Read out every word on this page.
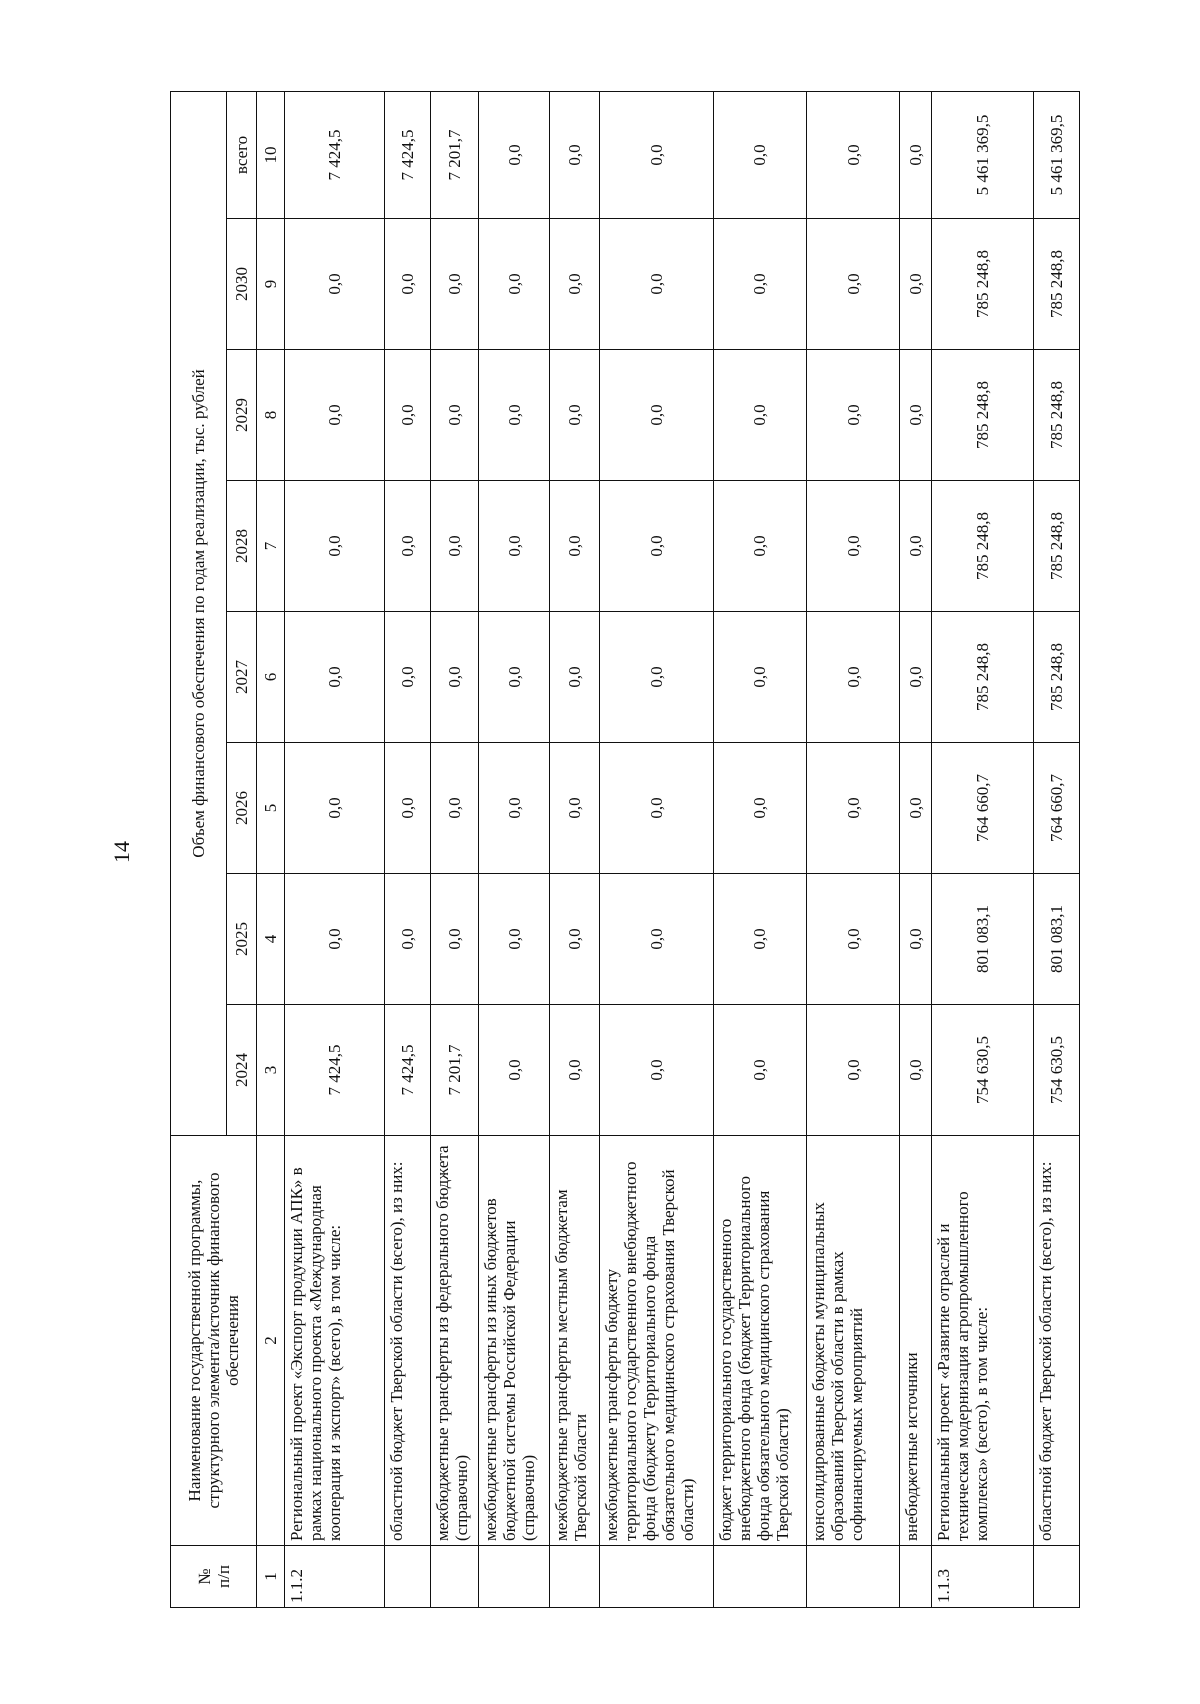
14
№
п/п	Наименование государственной программы, структурного элемента/источник финансового обеспечения	Объем финансового обеспечения по годам реализации, тыс. рублей							
		2024	2025	2026	2027	2028	2029	2030	всего
1	2	3	4	5	6	7	8	9	10
1.1.2	Региональный проект «Экспорт продукции АПК» в рамках национального проекта «Международная кооперация и экспорт» (всего), в том числе:	7 424,5	0,0	0,0	0,0	0,0	0,0	0,0	7 424,5
	областной бюджет Тверской области (всего), из них:	7 424,5	0,0	0,0	0,0	0,0	0,0	0,0	7 424,5
	межбюджетные трансферты из федерального бюджета (справочно)	7 201,7	0,0	0,0	0,0	0,0	0,0	0,0	7 201,7
	межбюджетные трансферты из иных бюджетов бюджетной системы Российской Федерации (справочно)	0,0	0,0	0,0	0,0	0,0	0,0	0,0	0,0
	межбюджетные трансферты местным бюджетам Тверской области	0,0	0,0	0,0	0,0	0,0	0,0	0,0	0,0
	межбюджетные трансферты бюджету территориального государственного внебюджетного фонда (бюджету Территориального фонда обязательного медицинского страхования Тверской области)	0,0	0,0	0,0	0,0	0,0	0,0	0,0	0,0
	бюджет территориального государственного внебюджетного фонда (бюджет Территориального фонда обязательного медицинского страхования Тверской области)	0,0	0,0	0,0	0,0	0,0	0,0	0,0	0,0
	консолидированные бюджеты муниципальных образований Тверской области в рамках софинансируемых мероприятий	0,0	0,0	0,0	0,0	0,0	0,0	0,0	0,0
	внебюджетные источники	0,0	0,0	0,0	0,0	0,0	0,0	0,0	0,0
1.1.3	Региональный проект «Развитие отраслей и техническая модернизация агропромышленного комплекса» (всего), в том числе:	754 630,5	801 083,1	764 660,7	785 248,8	785 248,8	785 248,8	785 248,8	5 461 369,5
	областной бюджет Тверской области (всего), из них:	754 630,5	801 083,1	764 660,7	785 248,8	785 248,8	785 248,8	785 248,8	5 461 369,5
